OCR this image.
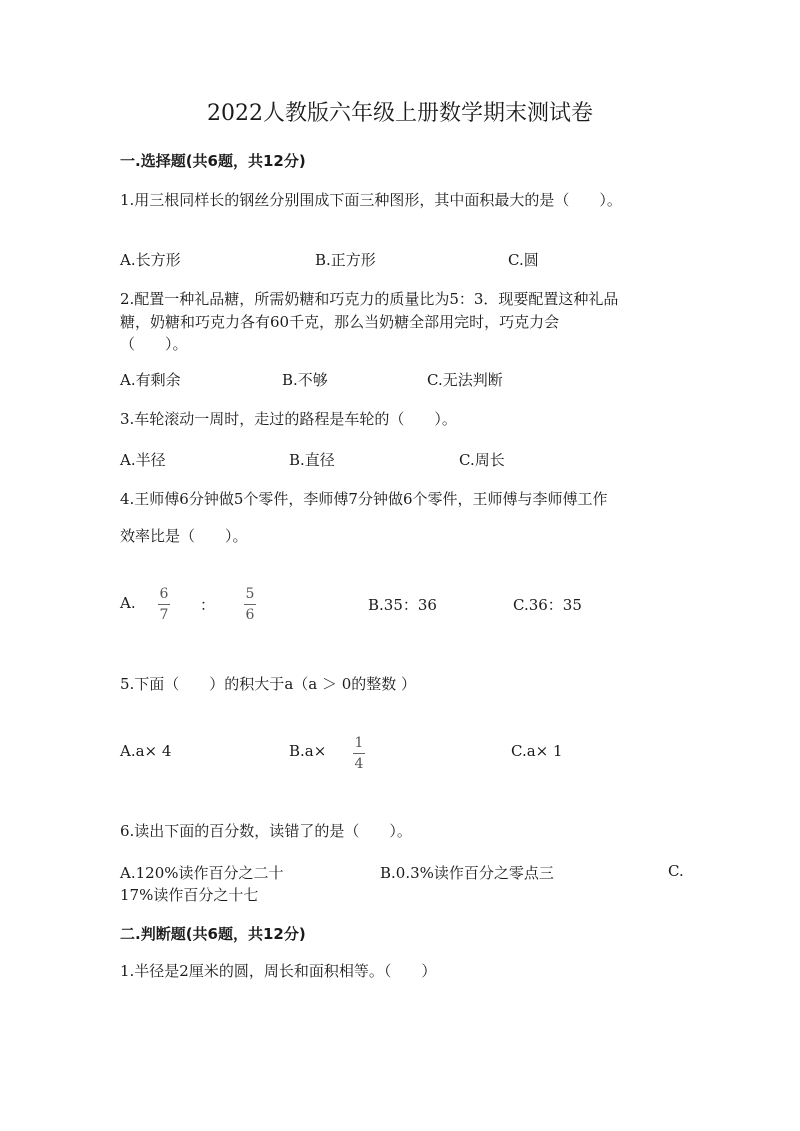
2022人教版六年级上册数学期末测试卷
一.选择题(共6题，共12分)
1.用三根同样长的钢丝分别围成下面三种图形，其中面积最大的是（　　）。
A.长方形	B.正方形	C.圆
2.配置一种礼品糖，所需奶糖和巧克力的质量比为5：3．现要配置这种礼品
糖，奶糖和巧克力各有60千克，那么当奶糖全部用完时，巧克力会
（　　）。
A.有剩余	B.不够	C.无法判断
3.车轮滚动一周时，走过的路程是车轮的（　　）。
A.半径	B.直径	C.周长
4.王师傅6分钟做5个零件，李师傅7分钟做6个零件，王师傅与李师傅工作
效率比是（　　）。
A. 6
7
：
5
6
B.35：36	C.36：35
5.下面（　　）的积大于a（a ＞ 0的整数 ）
A.a× 4	B.a× 1
4
C.a× 1
6.读出下面的百分数，读错了的是（　　）。
A.120%读作百分之二十	B.0.3%读作百分之零点三	C.
17%读作百分之十七
二.判断题(共6题，共12分)
1.半径是2厘米的圆，周长和面积相等。（　　）
